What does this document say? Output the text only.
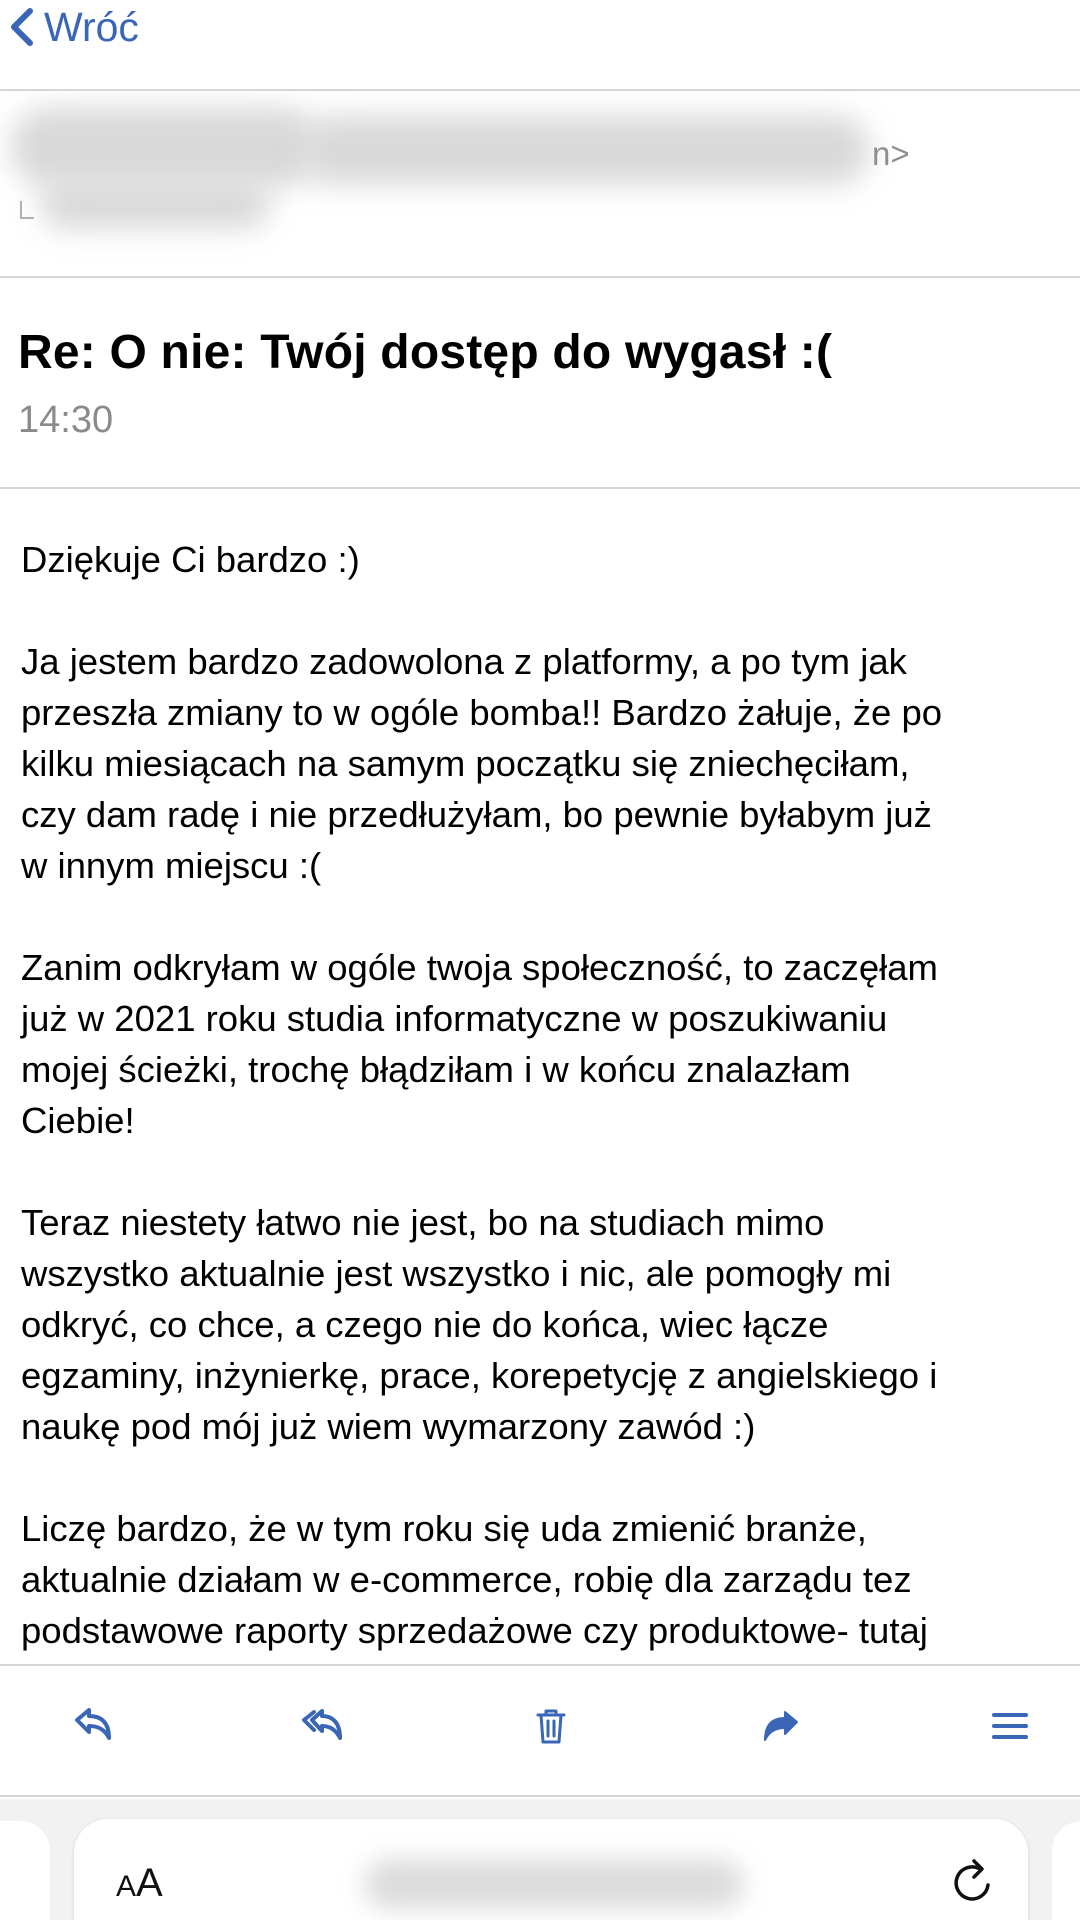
Wróć
n>
Re: O nie: Twój dostęp do wygasł :(
14:30
Dziękuje Ci bardzo :)
Ja jestem bardzo zadowolona z platformy, a po tym jak
przeszła zmiany to w ogóle bomba!! Bardzo żałuje, że po
kilku miesiącach na samym początku się zniechęciłam,
czy dam radę i nie przedłużyłam, bo pewnie byłabym już
w innym miejscu :(
Zanim odkryłam w ogóle twoja społeczność, to zaczęłam
już w 2021 roku studia informatyczne w poszukiwaniu
mojej ścieżki, trochę błądziłam i w końcu znalazłam
Ciebie!
Teraz niestety łatwo nie jest, bo na studiach mimo
wszystko aktualnie jest wszystko i nic, ale pomogły mi
odkryć, co chce, a czego nie do końca, wiec łącze
egzaminy, inżynierkę, prace, korepetycję z angielskiego i
naukę pod mój już wiem wymarzony zawód :)
Liczę bardzo, że w tym roku się uda zmienić branże,
aktualnie działam w e-commerce, robię dla zarządu tez
podstawowe raporty sprzedażowe czy produktowe- tutaj
AA
